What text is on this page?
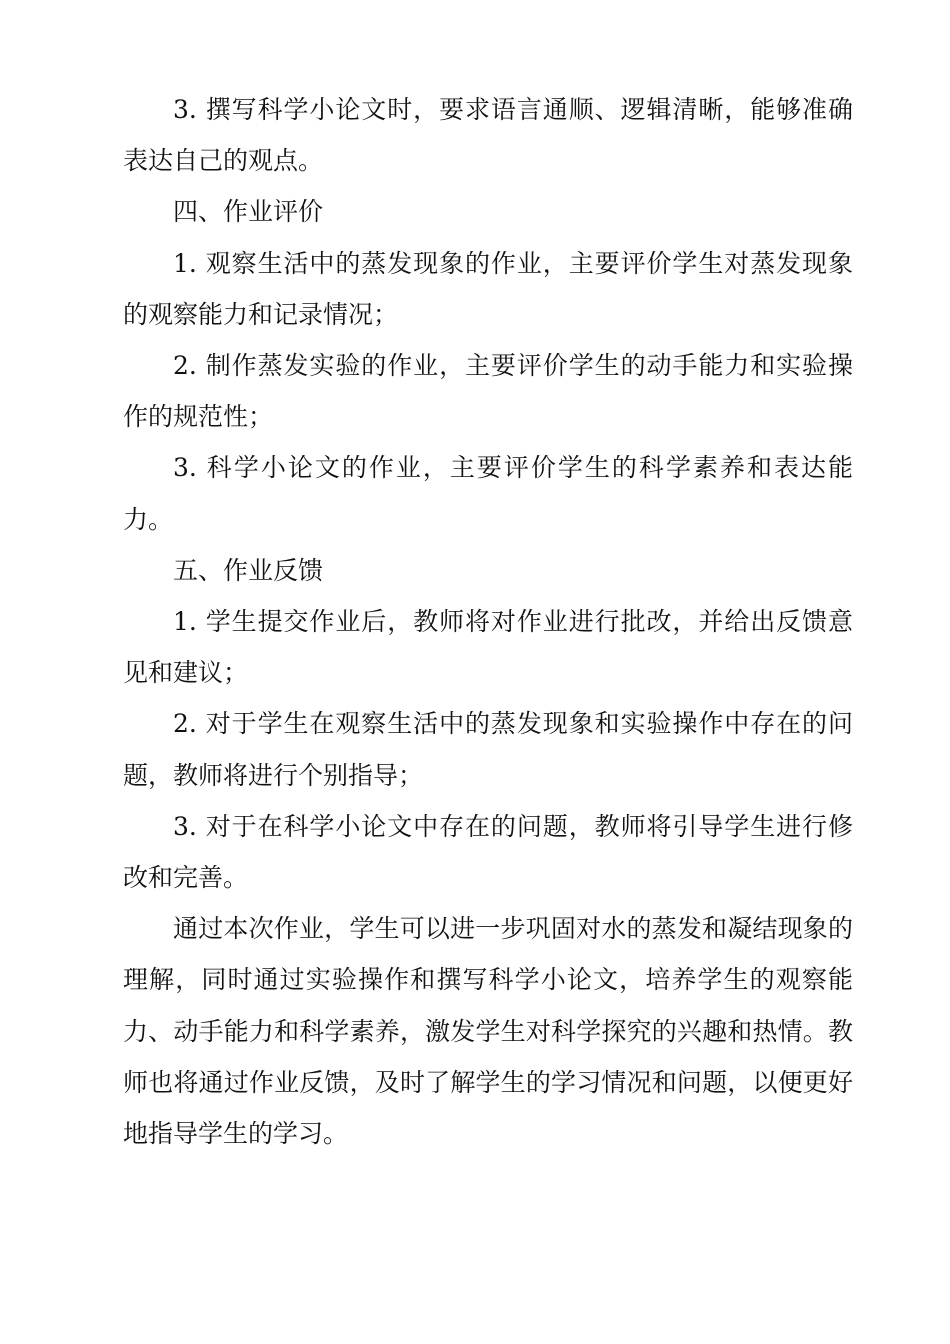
3. 撰写科学小论文时，要求语言通顺、逻辑清晰，能够准确表达自己的观点。

四、作业评价

1. 观察生活中的蒸发现象的作业，主要评价学生对蒸发现象的观察能力和记录情况；

2. 制作蒸发实验的作业，主要评价学生的动手能力和实验操作的规范性；

3. 科学小论文的作业，主要评价学生的科学素养和表达能力。

五、作业反馈

1. 学生提交作业后，教师将对作业进行批改，并给出反馈意见和建议；

2. 对于学生在观察生活中的蒸发现象和实验操作中存在的问题，教师将进行个别指导；

3. 对于在科学小论文中存在的问题，教师将引导学生进行修改和完善。

通过本次作业，学生可以进一步巩固对水的蒸发和凝结现象的理解，同时通过实验操作和撰写科学小论文，培养学生的观察能力、动手能力和科学素养，激发学生对科学探究的兴趣和热情。教师也将通过作业反馈，及时了解学生的学习情况和问题，以便更好地指导学生的学习。
